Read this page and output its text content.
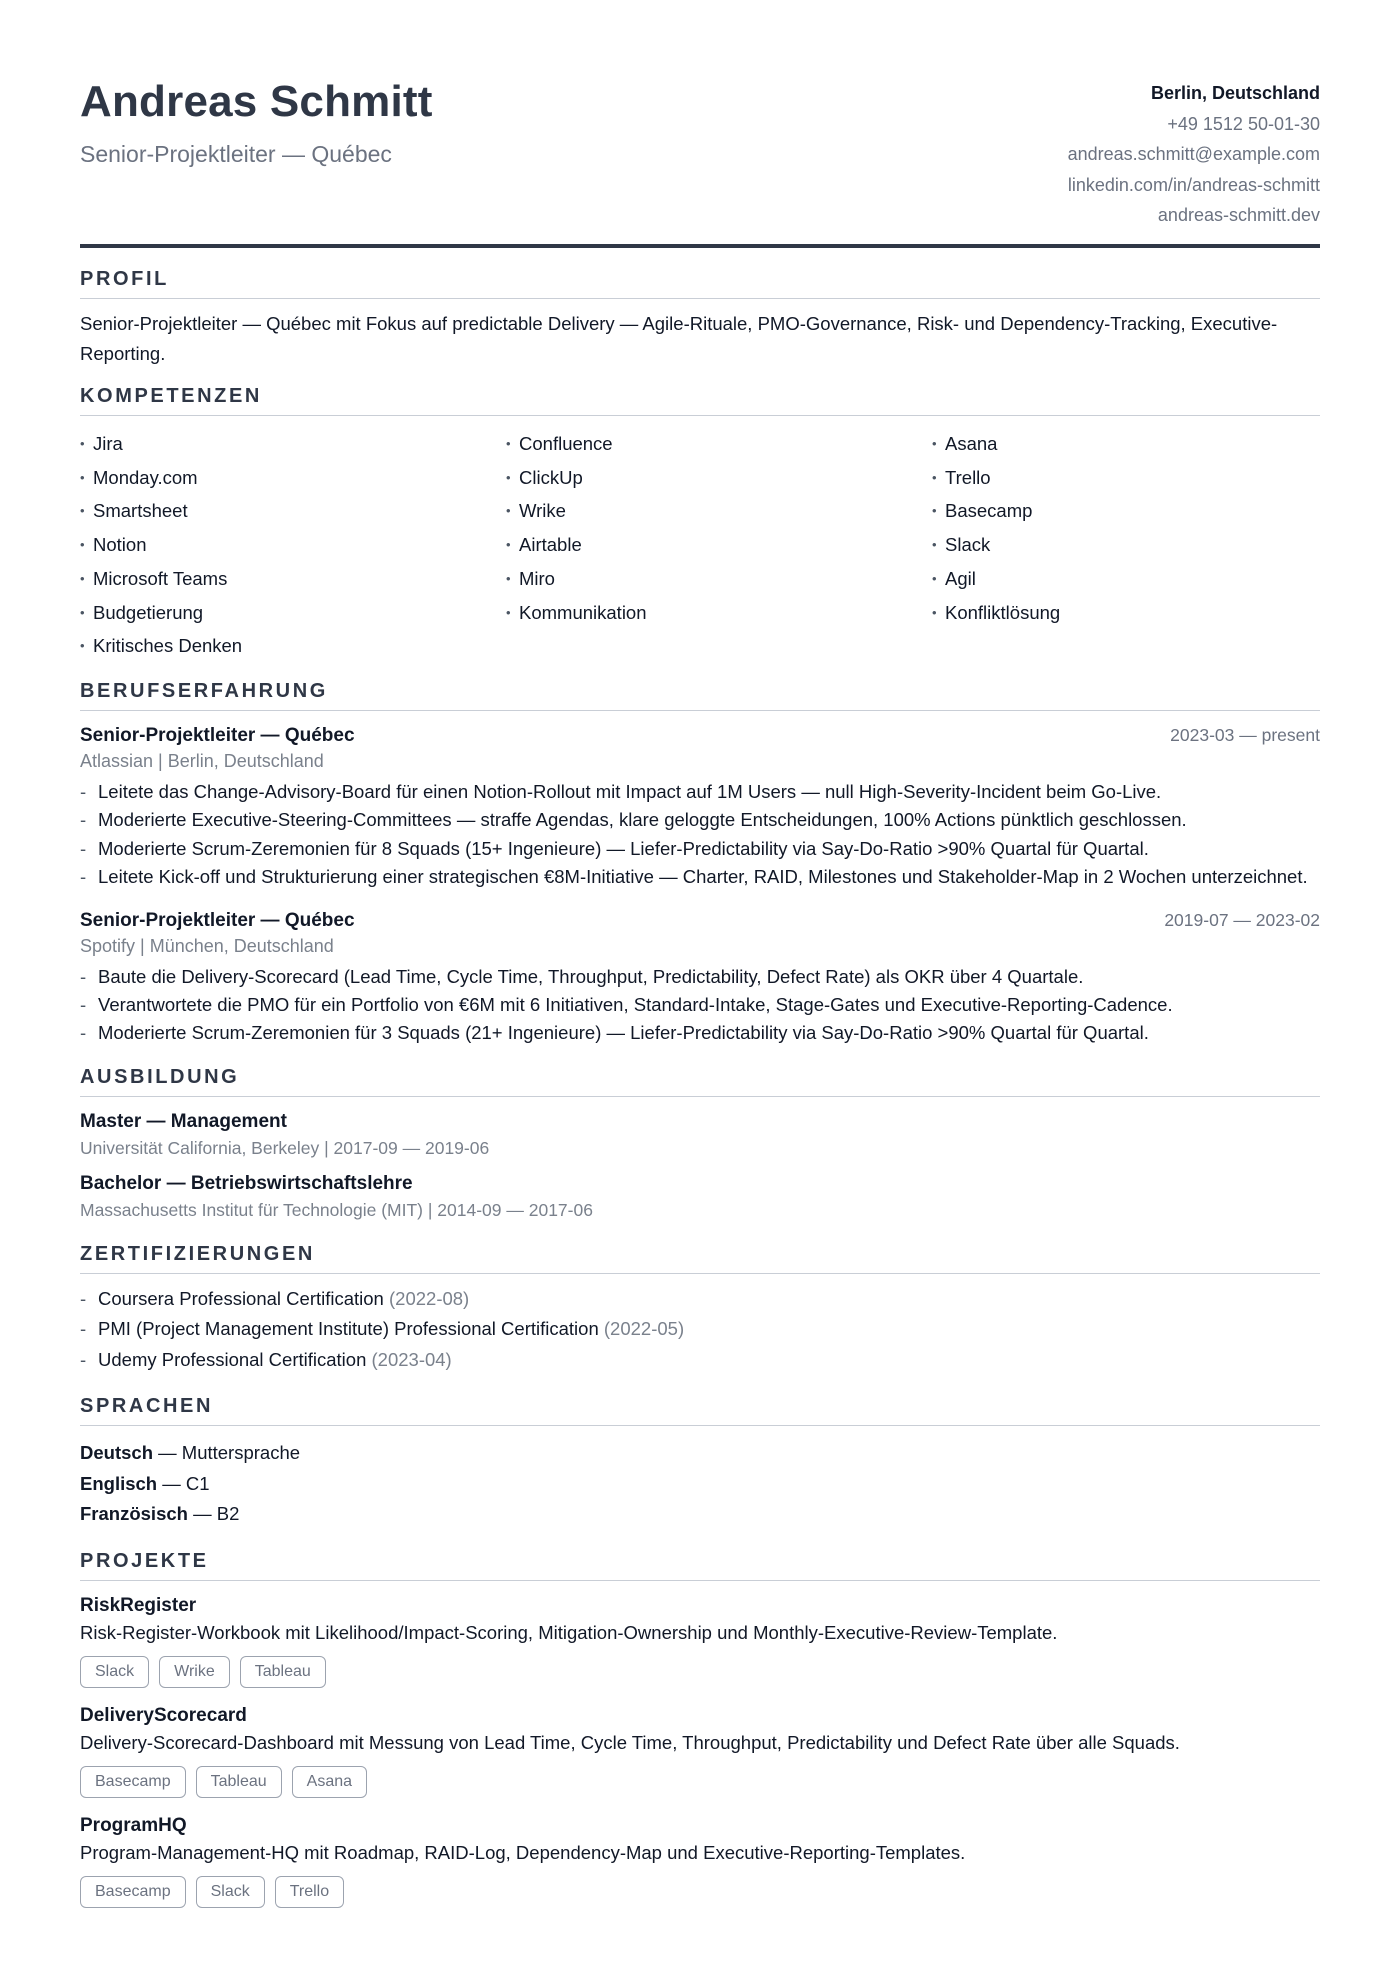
Andreas Schmitt
Senior-Projektleiter — Québec
Berlin, Deutschland
+49 1512 50-01-30
andreas.schmitt@example.com
linkedin.com/in/andreas-schmitt
andreas-schmitt.dev
PROFIL
Senior-Projektleiter — Québec mit Fokus auf predictable Delivery — Agile-Rituale, PMO-Governance, Risk- und Dependency-Tracking, Executive-Reporting.
KOMPETENZEN
• Jira	• Confluence	• Asana
• Monday.com	• ClickUp	• Trello
• Smartsheet	• Wrike	• Basecamp
• Notion	• Airtable	• Slack
• Microsoft Teams	• Miro	• Agil
• Budgetierung	• Kommunikation	• Konfliktlösung
• Kritisches Denken
BERUFSERFAHRUNG
Senior-Projektleiter — Québec	2023-03 — present
Atlassian | Berlin, Deutschland
- Leitete das Change-Advisory-Board für einen Notion-Rollout mit Impact auf 1M Users — null High-Severity-Incident beim Go-Live.
- Moderierte Executive-Steering-Committees — straffe Agendas, klare geloggte Entscheidungen, 100% Actions pünktlich geschlossen.
- Moderierte Scrum-Zeremonien für 8 Squads (15+ Ingenieure) — Liefer-Predictability via Say-Do-Ratio >90% Quartal für Quartal.
- Leitete Kick-off und Strukturierung einer strategischen €8M-Initiative — Charter, RAID, Milestones und Stakeholder-Map in 2 Wochen unterzeichnet.
Senior-Projektleiter — Québec	2019-07 — 2023-02
Spotify | München, Deutschland
- Baute die Delivery-Scorecard (Lead Time, Cycle Time, Throughput, Predictability, Defect Rate) als OKR über 4 Quartale.
- Verantwortete die PMO für ein Portfolio von €6M mit 6 Initiativen, Standard-Intake, Stage-Gates und Executive-Reporting-Cadence.
- Moderierte Scrum-Zeremonien für 3 Squads (21+ Ingenieure) — Liefer-Predictability via Say-Do-Ratio >90% Quartal für Quartal.
AUSBILDUNG
Master — Management
Universität California, Berkeley | 2017-09 — 2019-06
Bachelor — Betriebswirtschaftslehre
Massachusetts Institut für Technologie (MIT) | 2014-09 — 2017-06
ZERTIFIZIERUNGEN
- Coursera Professional Certification (2022-08)
- PMI (Project Management Institute) Professional Certification (2022-05)
- Udemy Professional Certification (2023-04)
SPRACHEN
Deutsch — Muttersprache
Englisch — C1
Französisch — B2
PROJEKTE
RiskRegister
Risk-Register-Workbook mit Likelihood/Impact-Scoring, Mitigation-Ownership und Monthly-Executive-Review-Template.
Slack	Wrike	Tableau
DeliveryScorecard
Delivery-Scorecard-Dashboard mit Messung von Lead Time, Cycle Time, Throughput, Predictability und Defect Rate über alle Squads.
Basecamp	Tableau	Asana
ProgramHQ
Program-Management-HQ mit Roadmap, RAID-Log, Dependency-Map und Executive-Reporting-Templates.
Basecamp	Slack	Trello
